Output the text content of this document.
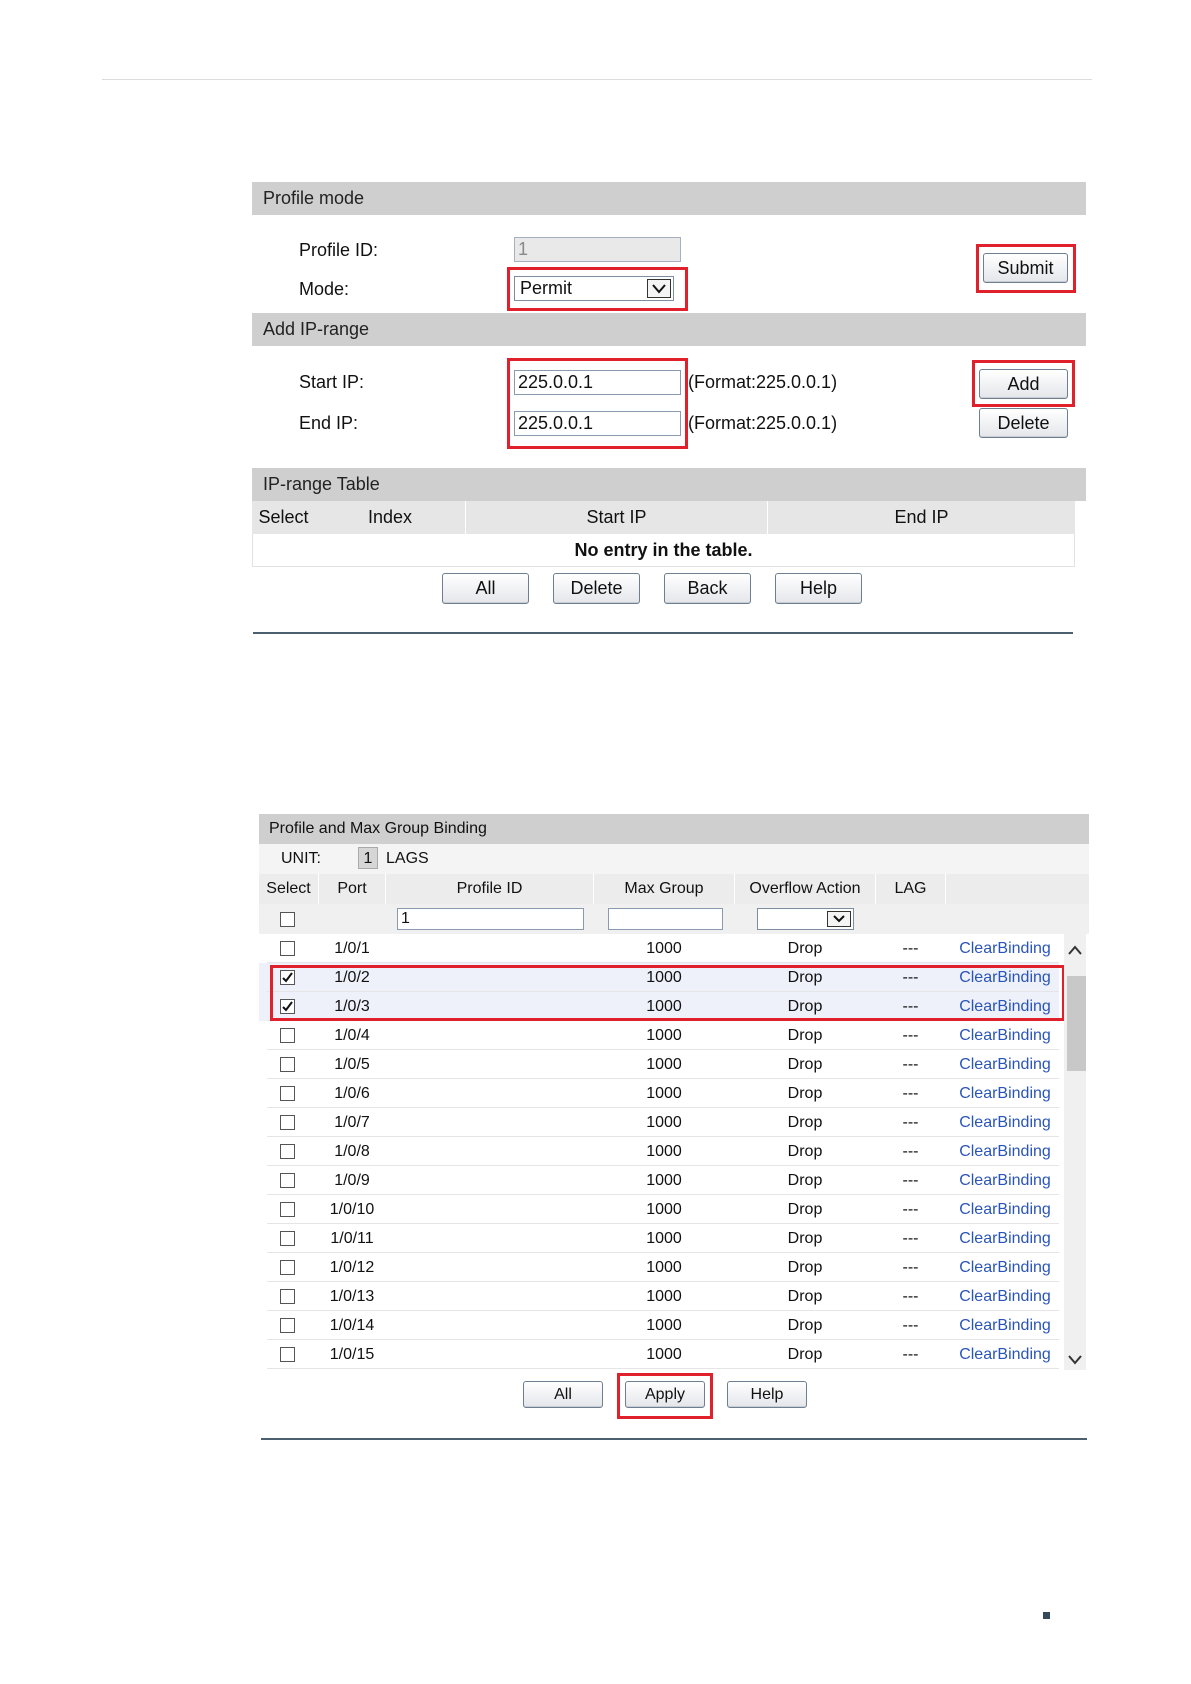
Profile mode
Profile ID:	1
Mode:	Permit
Submit
Add IP-range
Start IP:	225.0.0.1	(Format:225.0.0.1)
End IP:	225.0.0.1	(Format:225.0.0.1)
Add
Delete
IP-range Table
Select	Index	Start IP	End IP
No entry in the table.
All	Delete	Back	Help
Profile and Max Group Binding
UNIT:	1 LAGS
Select	Port	Profile ID	Max Group	Overflow Action	LAG
1
1/0/1	1000	Drop	---	ClearBinding
1/0/2	1000	Drop	---	ClearBinding
1/0/3	1000	Drop	---	ClearBinding
1/0/4	1000	Drop	---	ClearBinding
1/0/5	1000	Drop	---	ClearBinding
1/0/6	1000	Drop	---	ClearBinding
1/0/7	1000	Drop	---	ClearBinding
1/0/8	1000	Drop	---	ClearBinding
1/0/9	1000	Drop	---	ClearBinding
1/0/10	1000	Drop	---	ClearBinding
1/0/11	1000	Drop	---	ClearBinding
1/0/12	1000	Drop	---	ClearBinding
1/0/13	1000	Drop	---	ClearBinding
1/0/14	1000	Drop	---	ClearBinding
1/0/15	1000	Drop	---	ClearBinding
All	Apply	Help
